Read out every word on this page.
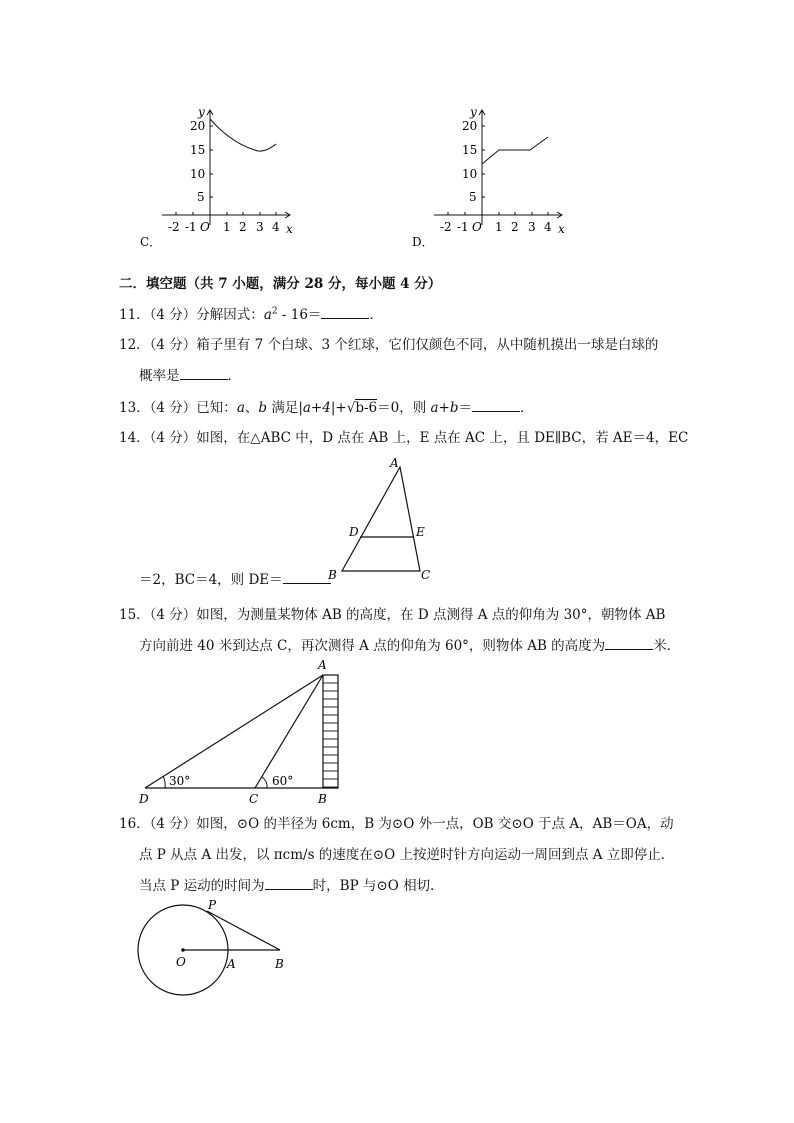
y
x
O
20
15
10
5
-2 -1 1 2 3 4
C．
y
x
O
20
15
10
5
-2 -1 1 2 3 4
D．
二．填空题（共 7 小题，满分 28 分，每小题 4 分）
11．（4 分）分解因式：$a^2 - 16=$	．
12．（4 分）箱子里有 7 个白球、3 个红球，它们仅颜色不同，从中随机摸出一球是白球的
概率是	．
13．（4 分）已知：a、b 满足|a+4|+√b-6＝0，则 a+b＝	．
14．（4 分）如图，在△ABC 中，D 点在 AB 上，E 点在 AC 上，且 DE∥BC，若 AE＝4，EC
A
D	E
B	C
＝2，BC＝4，则 DE＝
15．（4 分）如图，为测量某物体 AB 的高度，在 D 点测得 A 点的仰角为 30°，朝物体 AB
方向前进 40 米到达点 C，再次测得 A 点的仰角为 60°，则物体 AB 的高度为	米．
30°	60°
A
D	C	B
16．（4 分）如图，⊙O 的半径为 6cm，B 为⊙O 外一点，OB 交⊙O 于点 A，AB＝OA，动
点 P 从点 A 出发，以 πcm/s 的速度在⊙O 上按逆时针方向运动一周回到点 A 立即停止．
当点 P 运动的时间为	时，BP 与⊙O 相切．
P
O	A	B
